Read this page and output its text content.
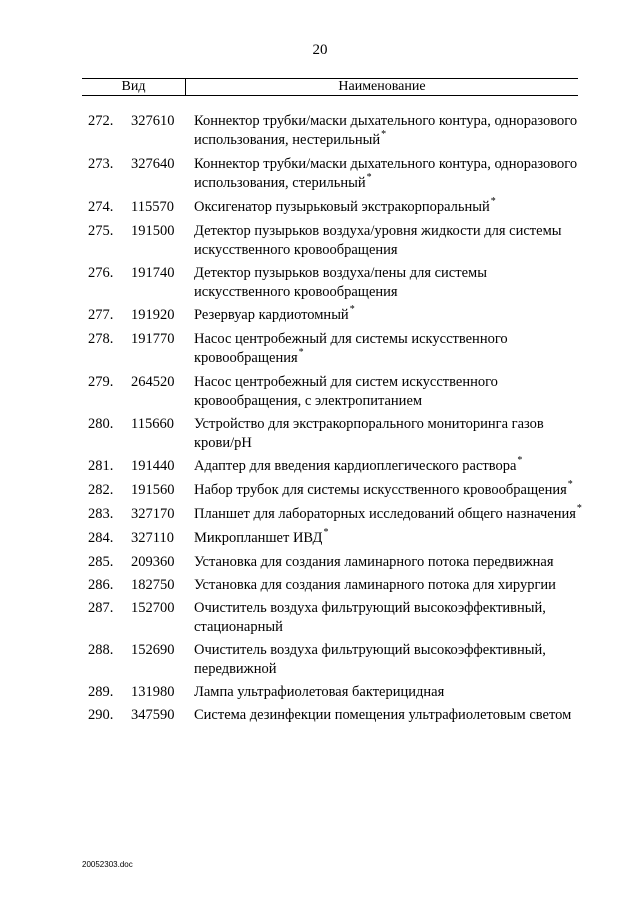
20
Вид	Наименование
272.	327610	Коннектор трубки/маски дыхательного контура, одноразового использования, нестерильный*
273.	327640	Коннектор трубки/маски дыхательного контура, одноразового использования, стерильный*
274.	115570	Оксигенатор пузырьковый экстракорпоральный*
275.	191500	Детектор пузырьков воздуха/уровня жидкости для системы искусственного кровообращения
276.	191740	Детектор пузырьков воздуха/пены для системы искусственного кровообращения
277.	191920	Резервуар кардиотомный*
278.	191770	Насос центробежный для системы искусственного кровообращения*
279.	264520	Насос центробежный для систем искусственного кровообращения, с электропитанием
280.	115660	Устройство для экстракорпорального мониторинга газов крови/pH
281.	191440	Адаптер для введения кардиоплегического раствора*
282.	191560	Набор трубок для системы искусственного кровообращения*
283.	327170	Планшет для лабораторных исследований общего назначения*
284.	327110	Микропланшет ИВД*
285.	209360	Установка для создания ламинарного потока передвижная
286.	182750	Установка для создания ламинарного потока для хирургии
287.	152700	Очиститель воздуха фильтрующий высокоэффективный, стационарный
288.	152690	Очиститель воздуха фильтрующий высокоэффективный, передвижной
289.	131980	Лампа ультрафиолетовая бактерицидная
290.	347590	Система дезинфекции помещения ультрафиолетовым светом
20052303.doc
